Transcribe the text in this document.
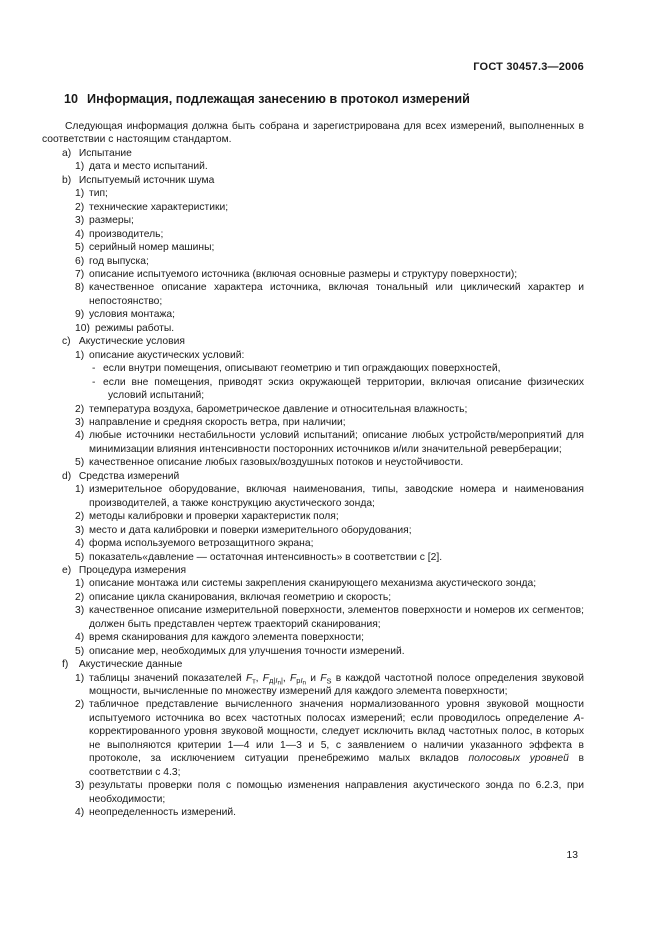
ГОСТ 30457.3—2006
10 Информация, подлежащая занесению в протокол измерений

Следующая информация должна быть собрана и зарегистрирована для всех измерений, выполненных в соответствии с настоящим стандартом.

a) Испытание
1) дата и место испытаний.
b) Испытуемый источник шума
1) тип;
2) технические характеристики;
3) размеры;
4) производитель;
5) серийный номер машины;
6) год выпуска;
7) описание испытуемого источника (включая основные размеры и структуру поверхности);
8) качественное описание характера источника, включая тональный или циклический характер и непостоянство;
9) условия монтажа;
10) режимы работы.
c) Акустические условия
1) описание акустических условий:
- если внутри помещения, описывают геометрию и тип ограждающих поверхностей,
- если вне помещения, приводят эскиз окружающей территории, включая описание физических условий испытаний;
2) температура воздуха, барометрическое давление и относительная влажность;
3) направление и средняя скорость ветра, при наличии;
4) любые источники нестабильности условий испытаний; описание любых устройств/мероприятий для минимизации влияния интенсивности посторонних источников и/или значительной реверберации;
5) качественное описание любых газовых/воздушных потоков и неустойчивости.
d) Средства измерений
1) измерительное оборудование, включая наименования, типы, заводские номера и наименования производителей, а также конструкцию акустического зонда;
2) методы калибровки и проверки характеристик поля;
3) место и дата калибровки и поверки измерительного оборудования;
4) форма используемого ветрозащитного экрана;
5) показатель«давление — остаточная интенсивность» в соответствии с [2].
e) Процедура измерения
1) описание монтажа или системы закрепления сканирующего механизма акустического зонда;
2) описание цикла сканирования, включая геометрию и скорость;
3) качественное описание измерительной поверхности, элементов поверхности и номеров их сегментов; должен быть представлен чертеж траекторий сканирования;
4) время сканирования для каждого элемента поверхности;
5) описание мер, необходимых для улучшения точности измерений.
f) Акустические данные
1) таблицы значений показателей $F_т$, $F_{д|I_n|}$, $F_{pI_n}$ и $F_S$ в каждой частотной полосе определения звуковой мощности, вычисленные по множеству измерений для каждого элемента поверхности;
2) табличное представление вычисленного значения нормализованного уровня звуковой мощности испытуемого источника во всех частотных полосах измерений; если проводилось определение А-корректированного уровня звуковой мощности, следует исключить вклад частотных полос, в которых не выполняются критерии 1—4 или 1—3 и 5, с заявлением о наличии указанного эффекта в протоколе, за исключением ситуации пренебрежимо малых вкладов полосовых уровней в соответствии с 4.3;
3) результаты проверки поля с помощью изменения направления акустического зонда по 6.2.3, при необходимости;
4) неопределенность измерений.
13
